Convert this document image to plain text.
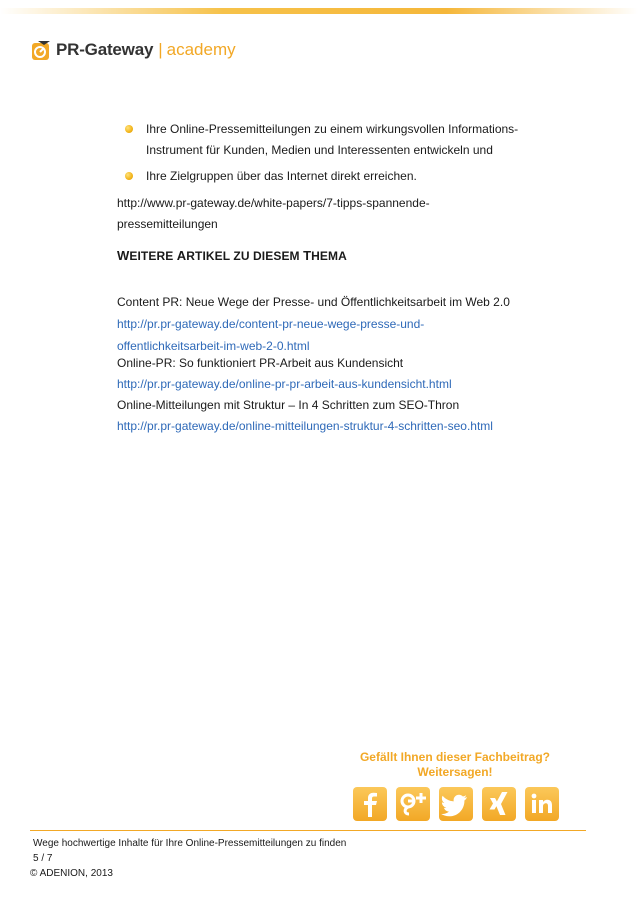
PR-Gateway | academy
Ihre Online-Pressemitteilungen zu einem wirkungsvollen Informations-
Instrument für Kunden, Medien und Interessenten entwickeln und
Ihre Zielgruppen über das Internet direkt erreichen.
http://www.pr-gateway.de/white-papers/7-tipps-spannende-
pressemitteilungen
WEITERE ARTIKEL ZU DIESEM THEMA
Content PR: Neue Wege der Presse- und Öffentlichkeitsarbeit im Web 2.0
http://pr.pr-gateway.de/content-pr-neue-wege-presse-und-
offentlichkeitsarbeit-im-web-2-0.html
Online-PR: So funktioniert PR-Arbeit aus Kundensicht
http://pr.pr-gateway.de/online-pr-pr-arbeit-aus-kundensicht.html
Online-Mitteilungen mit Struktur – In 4 Schritten zum SEO-Thron
http://pr.pr-gateway.de/online-mitteilungen-struktur-4-schritten-seo.html
Gefällt Ihnen dieser Fachbeitrag?
Weitersagen!
Wege hochwertige Inhalte für Ihre Online-Pressemitteilungen zu finden
5 / 7
© ADENION, 2013
